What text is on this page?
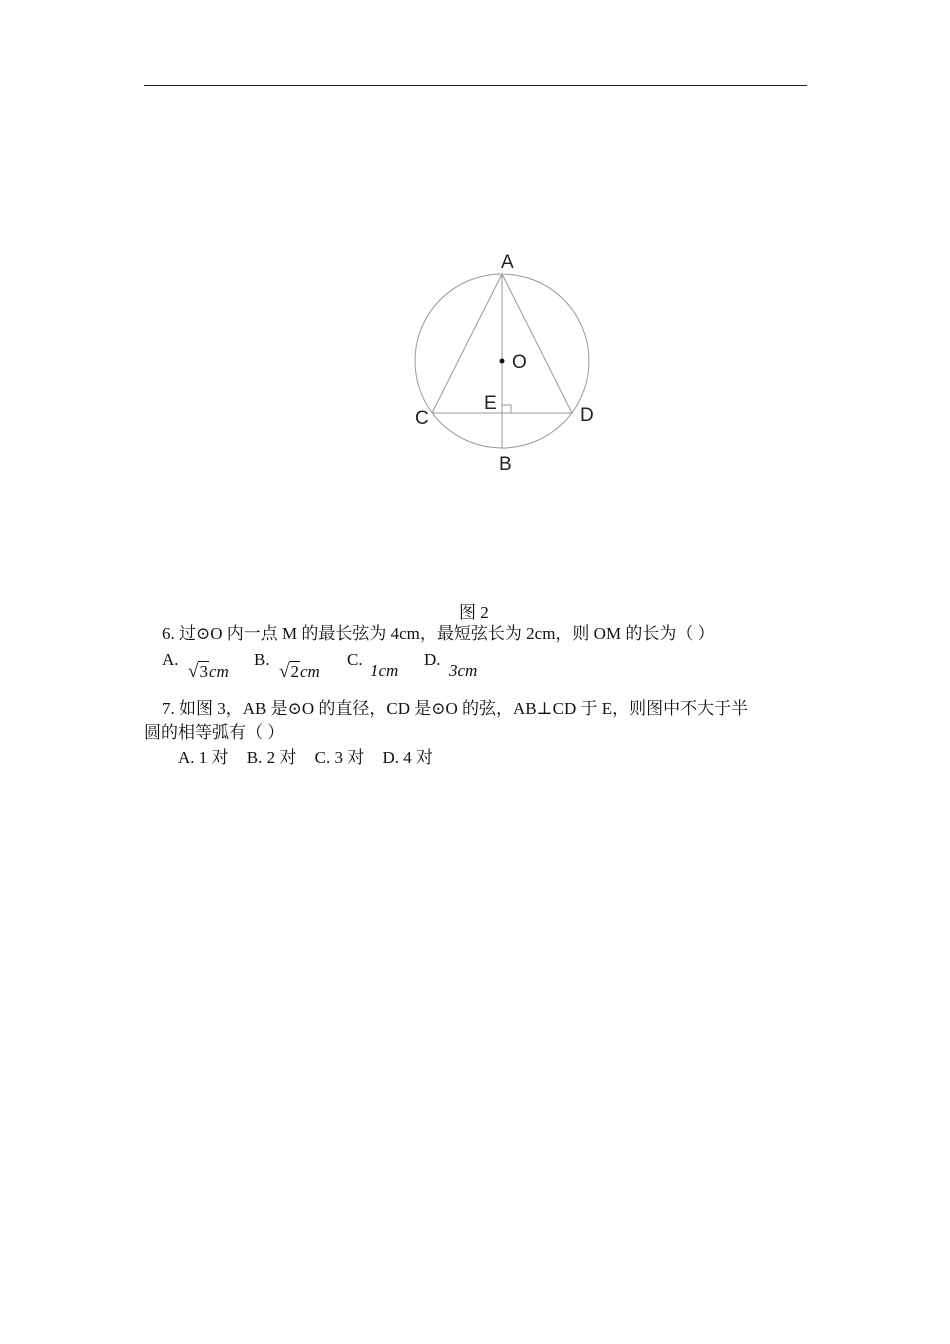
A
O
E
C	D
B
图 2
6. 过⊙O 内一点 M 的最长弦为 4cm，最短弦长为 2cm，则 OM 的长为（ ）
A.
√3cm
B.
√2cm
C.
1cm
D.
3cm
7. 如图 3，AB 是⊙O 的直径，CD 是⊙O 的弦，AB⊥CD 于 E，则图中不大于半
圆的相等弧有（ ）
A. 1 对 B. 2 对 C. 3 对 D. 4 对
